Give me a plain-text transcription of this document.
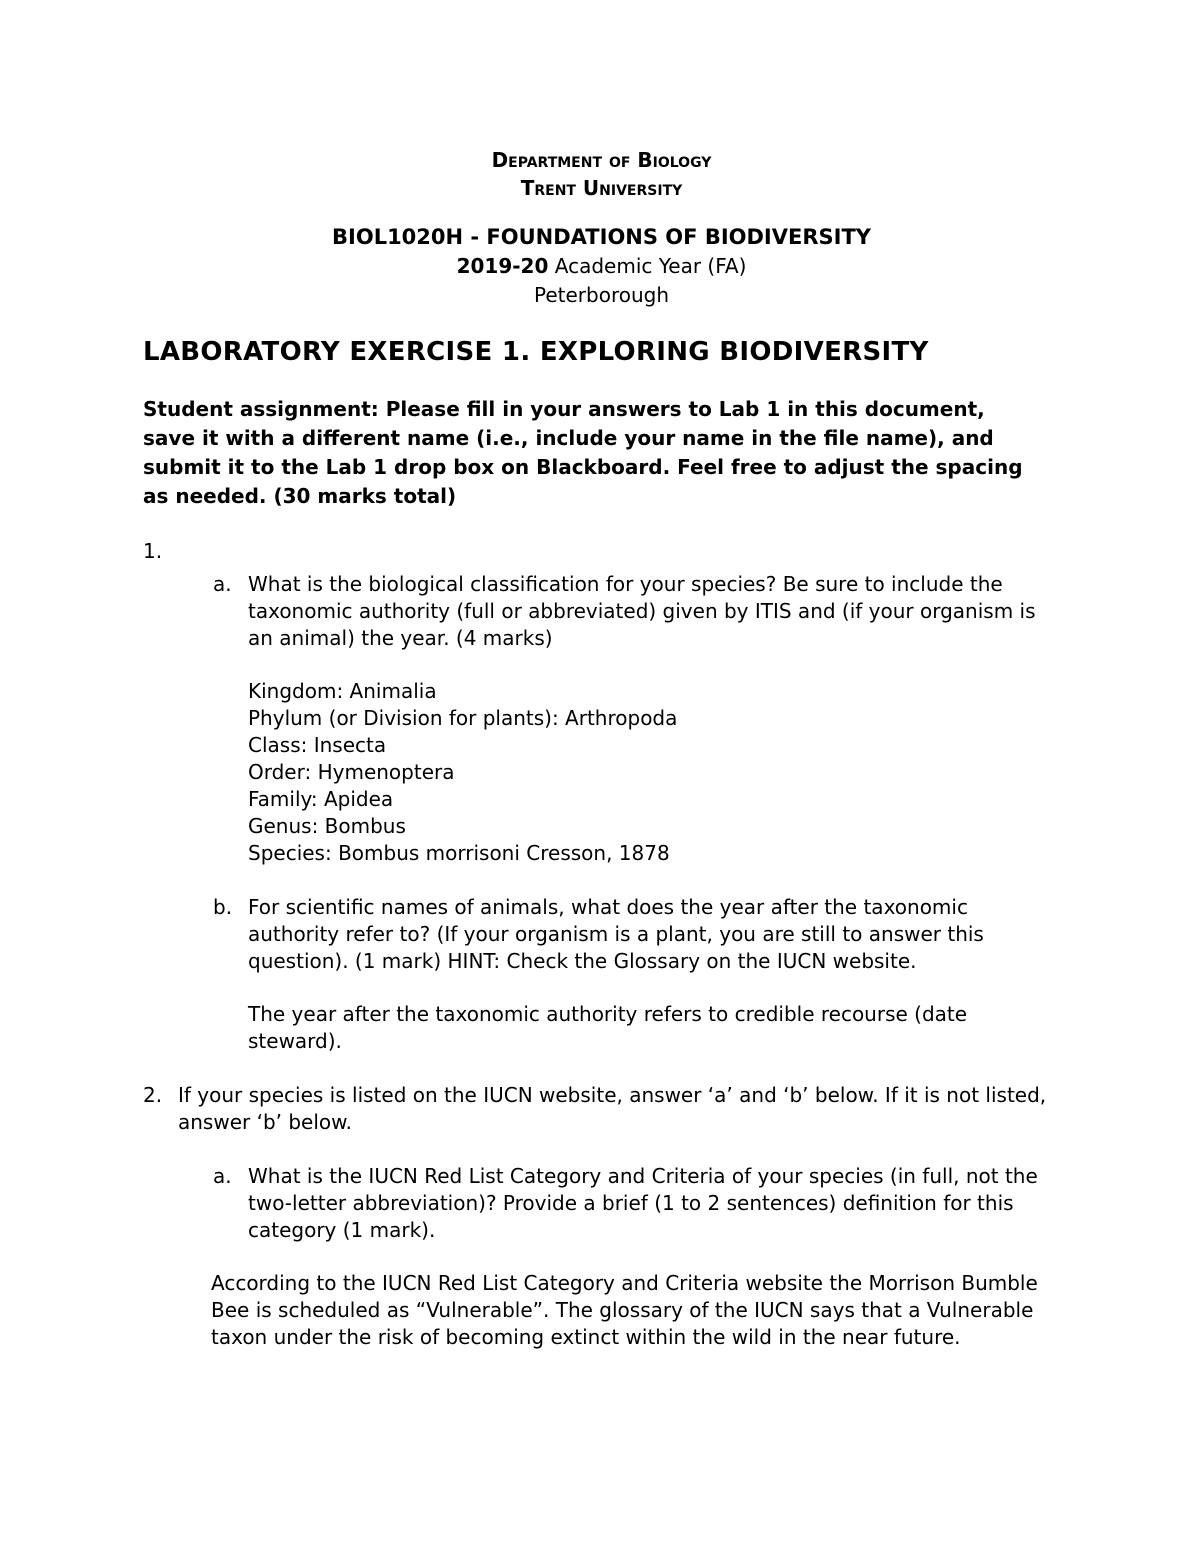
Department of Biology
Trent University
BIOL1020H - FOUNDATIONS OF BIODIVERSITY
2019-20 Academic Year (FA)
Peterborough
LABORATORY EXERCISE 1. EXPLORING BIODIVERSITY

Student assignment: Please fill in your answers to Lab 1 in this document, save it with a different name (i.e., include your name in the file name), and submit it to the Lab 1 drop box on Blackboard. Feel free to adjust the spacing as needed. (30 marks total)

1.
a. What is the biological classification for your species? Be sure to include the taxonomic authority (full or abbreviated) given by ITIS and (if your organism is an animal) the year. (4 marks)

Kingdom: Animalia
Phylum (or Division for plants): Arthropoda
Class: Insecta
Order: Hymenoptera
Family: Apidea
Genus: Bombus
Species: Bombus morrisoni Cresson, 1878
b. For scientific names of animals, what does the year after the taxonomic authority refer to? (If your organism is a plant, you are still to answer this question). (1 mark) HINT: Check the Glossary on the IUCN website.

The year after the taxonomic authority refers to credible recourse (date steward).

2. If your species is listed on the IUCN website, answer ‘a’ and ‘b’ below. If it is not listed, answer ‘b’ below.

a. What is the IUCN Red List Category and Criteria of your species (in full, not the two-letter abbreviation)? Provide a brief (1 to 2 sentences) definition for this category (1 mark).

According to the IUCN Red List Category and Criteria website the Morrison Bumble Bee is scheduled as “Vulnerable”. The glossary of the IUCN says that a Vulnerable taxon under the risk of becoming extinct within the wild in the near future.
